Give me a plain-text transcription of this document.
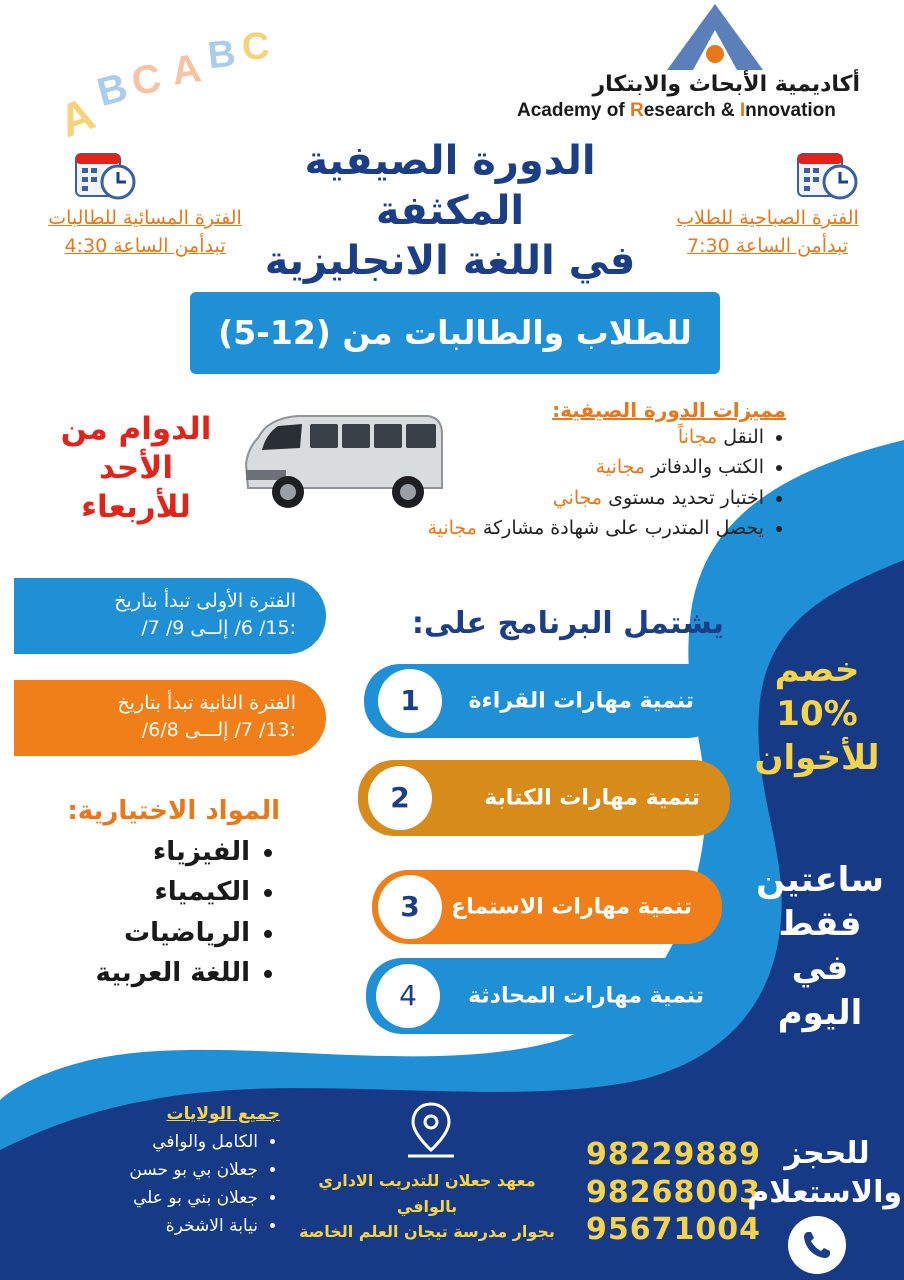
A
B
C A B C
أكاديمية الأبحاث والابتكار
Academy of Research & Innovation
الدورة الصيفية المكثفة
في اللغة الانجليزية
الفترة المسائية للطالبات
تبدأمن الساعة 4:30
الفترة الصباحية للطلاب
تبدأمن الساعة 7:30
للطلاب والطالبات من (5-12)
الدوام من
الأحد
للأربعاء
مميزات الدورة الصيفية:
• النقل مجاناً
• الكتب والدفاتر مجانية
• اختبار تحديد مستوى مجاني
• يحصل المتدرب على شهادة مشاركة مجانية
الفترة الأولى تبدأ بتاريخ
:15/ 6/ إلــى 9/ 7/
الفترة الثانية تبدأ بتاريخ
:13/ 7/ إلـــى 6/8/
يشتمل البرنامج على:
تنمية مهارات القراءة
1
تنمية مهارات الكتابة
2
تنمية مهارات الاستماع
3
تنمية مهارات المحادثة
4
المواد الاختيارية:
• الفيزياء
• الكيمياء
• الرياضيات
• اللغة العربية
خصم
10%
للأخوان
ساعتين
فقط في
اليوم
جميع الولايات
• الكامل والوافي
• جعلان بي بو حسن
• جعلان بني بو علي
• نيابة الاشخرة
معهد جعلان للتدريب الاداري
بالوافي
بجوار مدرسة تيجان العلم الخاصة
98229889
98268003
95671004
للحجز
والاستعلام
